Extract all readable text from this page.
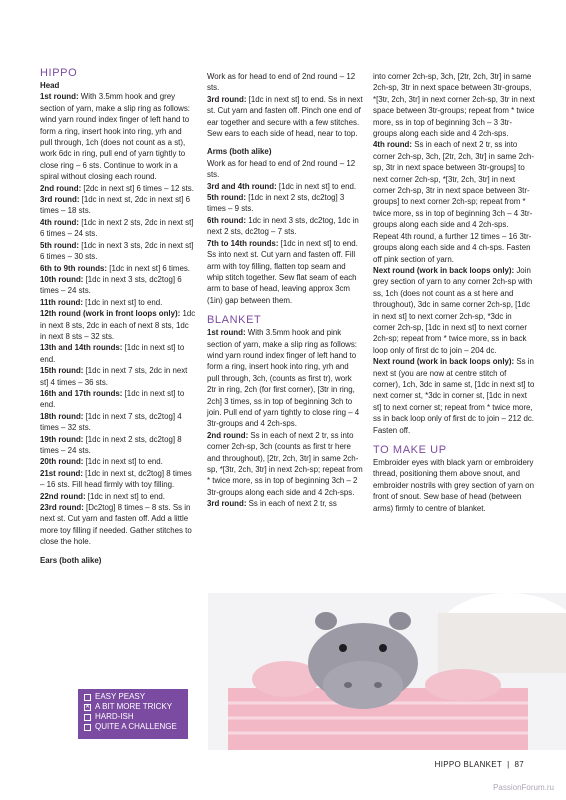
HIPPO

Head

1st round: With 3.5mm hook and grey section of yarn, make a slip ring as follows: wind yarn round index finger of left hand to form a ring, insert hook into ring, yrh and pull through, 1ch (does not count as a st), work 6dc in ring, pull end of yarn tightly to close ring – 6 sts. Continue to work in a spiral without closing each round.

2nd round: [2dc in next st] 6 times – 12 sts.

3rd round: [1dc in next st, 2dc in next st] 6 times – 18 sts.

4th round: [1dc in next 2 sts, 2dc in next st] 6 times – 24 sts.

5th round: [1dc in next 3 sts, 2dc in next st] 6 times – 30 sts.

6th to 9th rounds: [1dc in next st] 6 times.

10th round: [1dc in next 3 sts, dc2tog] 6 times – 24 sts.

11th round: [1dc in next st] to end.

12th round (work in front loops only): 1dc in next 8 sts, 2dc in each of next 8 sts, 1dc in next 8 sts – 32 sts.

13th and 14th rounds: [1dc in next st] to end.

15th round: [1dc in next 7 sts, 2dc in next st] 4 times – 36 sts.

16th and 17th rounds: [1dc in next st] to end.

18th round: [1dc in next 7 sts, dc2tog] 4 times – 32 sts.

19th round: [1dc in next 2 sts, dc2tog] 8 times – 24 sts.

20th round: [1dc in next st] to end.

21st round: [1dc in next st, dc2tog] 8 times – 16 sts. Fill head firmly with toy filling.

22nd round: [1dc in next st] to end.

23rd round: [Dc2tog] 8 times – 8 sts. Ss in next st. Cut yarn and fasten off. Add a little more toy filling if needed. Gather stitches to close the hole.

Ears (both alike)

Work as for head to end of 2nd round – 12 sts.

3rd round: [1dc in next st] to end. Ss in next st. Cut yarn and fasten off. Pinch one end of ear together and secure with a few stitches. Sew ears to each side of head, near to top.

Arms (both alike)

Work as for head to end of 2nd round – 12 sts.

3rd and 4th round: [1dc in next st] to end.

5th round: [1dc in next 2 sts, dc2tog] 3 times – 9 sts.

6th round: 1dc in next 3 sts, dc2tog, 1dc in next 2 sts, dc2tog – 7 sts.

7th to 14th rounds: [1dc in next st] to end.

Ss into next st. Cut yarn and fasten off. Fill arm with toy filling, flatten top seam and whip stitch together. Sew flat seam of each arm to base of head, leaving approx 3cm (1in) gap between them.

BLANKET

1st round: With 3.5mm hook and pink section of yarn, make a slip ring as follows: wind yarn round index finger of left hand to form a ring, insert hook into ring, yrh and pull through, 3ch, (counts as first tr), work 2tr in ring, 2ch (for first corner), [3tr in ring, 2ch] 3 times, ss in top of beginning 3ch to join. Pull end of yarn tightly to close ring – 4 3tr-groups and 4 2ch-sps.

2nd round: Ss in each of next 2 tr, ss into corner 2ch-sp, 3ch (counts as first tr here and throughout), [2tr, 2ch, 3tr] in same 2ch-sp, *[3tr, 2ch, 3tr] in next 2ch-sp; repeat from * twice more, ss in top of beginning 3ch – 2 3tr-groups along each side and 4 2ch-sps.

3rd round: Ss in each of next 2 tr, ss

into corner 2ch-sp, 3ch, [2tr, 2ch, 3tr] in same 2ch-sp, 3tr in next space between 3tr-groups, *[3tr, 2ch, 3tr] in next corner 2ch-sp, 3tr in next space between 3tr-groups; repeat from * twice more, ss in top of beginning 3ch – 3 3tr-groups along each side and 4 2ch-sps.

4th round: Ss in each of next 2 tr, ss into corner 2ch-sp, 3ch, [2tr, 2ch, 3tr] in same 2ch-sp, 3tr in next space between 3tr-groups] to next corner 2ch-sp, *[3tr, 2ch, 3tr] in next corner 2ch-sp, 3tr in next space between 3tr-groups] to next corner 2ch-sp; repeat from * twice more, ss in top of beginning 3ch – 4 3tr-groups along each side and 4 2ch-sps.

Repeat 4th round, a further 12 times – 16 3tr-groups along each side and 4 ch-sps. Fasten off pink section of yarn.

Next round (work in back loops only): Join grey section of yarn to any corner 2ch-sp with ss, 1ch (does not count as a st here and throughout), 3dc in same corner 2ch-sp, [1dc in next st] to next corner 2ch-sp, *3dc in corner 2ch-sp, [1dc in next st] to next corner 2ch-sp; repeat from * twice more, ss in back loop only of first dc to join – 204 dc.

Next round (work in back loops only): Ss in next st (you are now at centre stitch of corner), 1ch, 3dc in same st, [1dc in next st] to next corner st, *3dc in corner st, [1dc in next st] to next corner st; repeat from * twice more, ss in back loop only of first dc to join – 212 dc. Fasten off.

TO MAKE UP

Embroider eyes with black yarn or embroidery thread, positioning them above snout, and embroider nostrils with grey section of yarn on front of snout. Sew base of head (between arms) firmly to centre of blanket.

EASY PEASY
✕ A BIT MORE TRICKY
HARD-ISH
QUITE A CHALLENGE
HIPPO BLANKET | 87
PassionForum.ru
